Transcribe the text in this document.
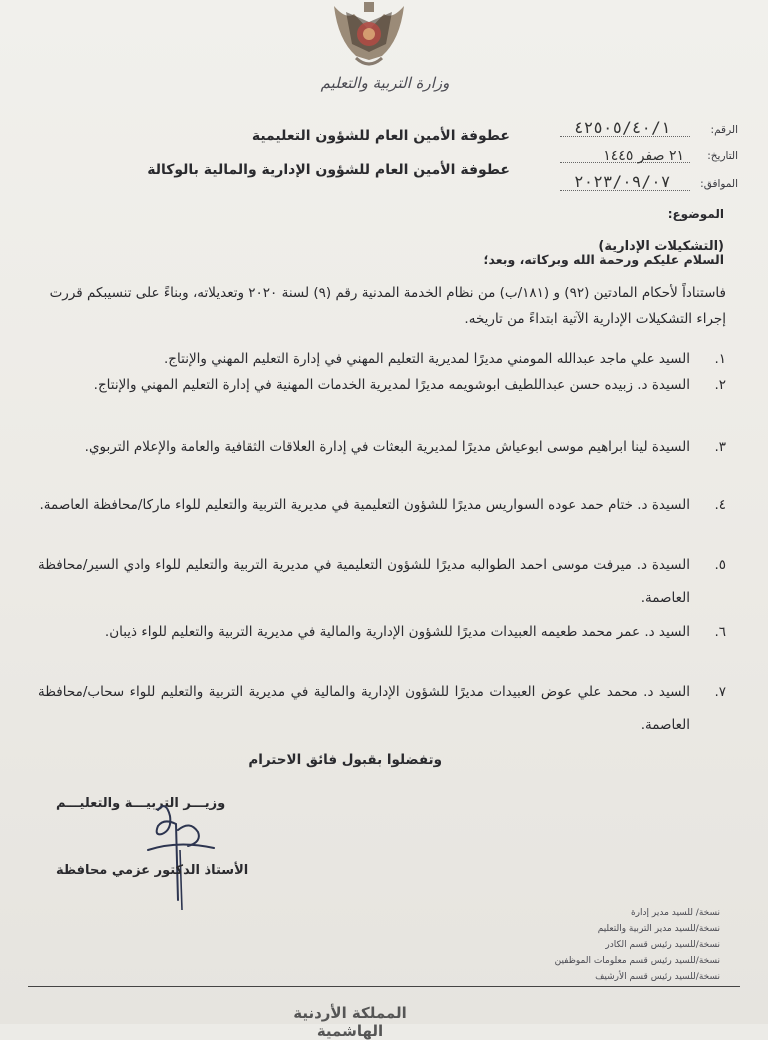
وزارة التربية والتعليم
عطوفة الأمين العام للشؤون التعليمية
عطوفة الأمين العام للشؤون الإدارية والمالية بالوكالة
الرقم:
٤٢٥٠٥/٤٠/١
التاريخ:
٢١ صفر ١٤٤٥
الموافق:
٢٠٢٣/٠٩/٠٧
الموضوع:
(التشكيلات الإدارية)
السلام عليكم ورحمة الله وبركاته، وبعد؛
فاستناداً لأحكام المادتين (٩٢) و (١٨١/ب) من نظام الخدمة المدنية رقم (٩) لسنة ٢٠٢٠ وتعديلاته، وبناءً على تنسيبكم قررت إجراء التشكيلات الإدارية الآتية ابتداءً من تاريخه.
١.
السيد علي ماجد عبدالله المومني مديرًا لمديرية التعليم المهني في إدارة التعليم المهني والإنتاج.
٢.
السيدة د. زبيده حسن عبداللطيف ابوشويمه مديرًا لمديرية الخدمات المهنية في إدارة التعليم المهني والإنتاج.
٣.
السيدة لينا ابراهيم موسى ابوعياش مديرًا لمديرية البعثات في إدارة العلاقات الثقافية والعامة والإعلام التربوي.
٤.
السيدة د. ختام حمد عوده السواريس مديرًا للشؤون التعليمية في مديرية التربية والتعليم للواء ماركا/محافظة العاصمة.
٥.
السيدة د. ميرفت موسى احمد الطوالبه مديرًا للشؤون التعليمية في مديرية التربية والتعليم للواء وادي السير/محافظة العاصمة.
٦.
السيد د. عمر محمد طعيمه العبيدات مديرًا للشؤون الإدارية والمالية في مديرية التربية والتعليم للواء ذيبان.
٧.
السيد د. محمد علي عوض العبيدات مديرًا للشؤون الإدارية والمالية في مديرية التربية والتعليم للواء سحاب/محافظة العاصمة.
وتفضلوا بقبول فائق الاحترام
وزيـــر التربيـــة والتعليـــم
الأستاذ الدكتور عزمي محافظة
نسخة/ للسيد مدير إدارة
نسخة/للسيد مدير التربية والتعليم
نسخة/للسيد رئيس قسم الكادر
نسخة/للسيد رئيس قسم معلومات الموظفين
نسخة/للسيد رئيس قسم الأرشيف
المملكة الأردنية الهاشمية
